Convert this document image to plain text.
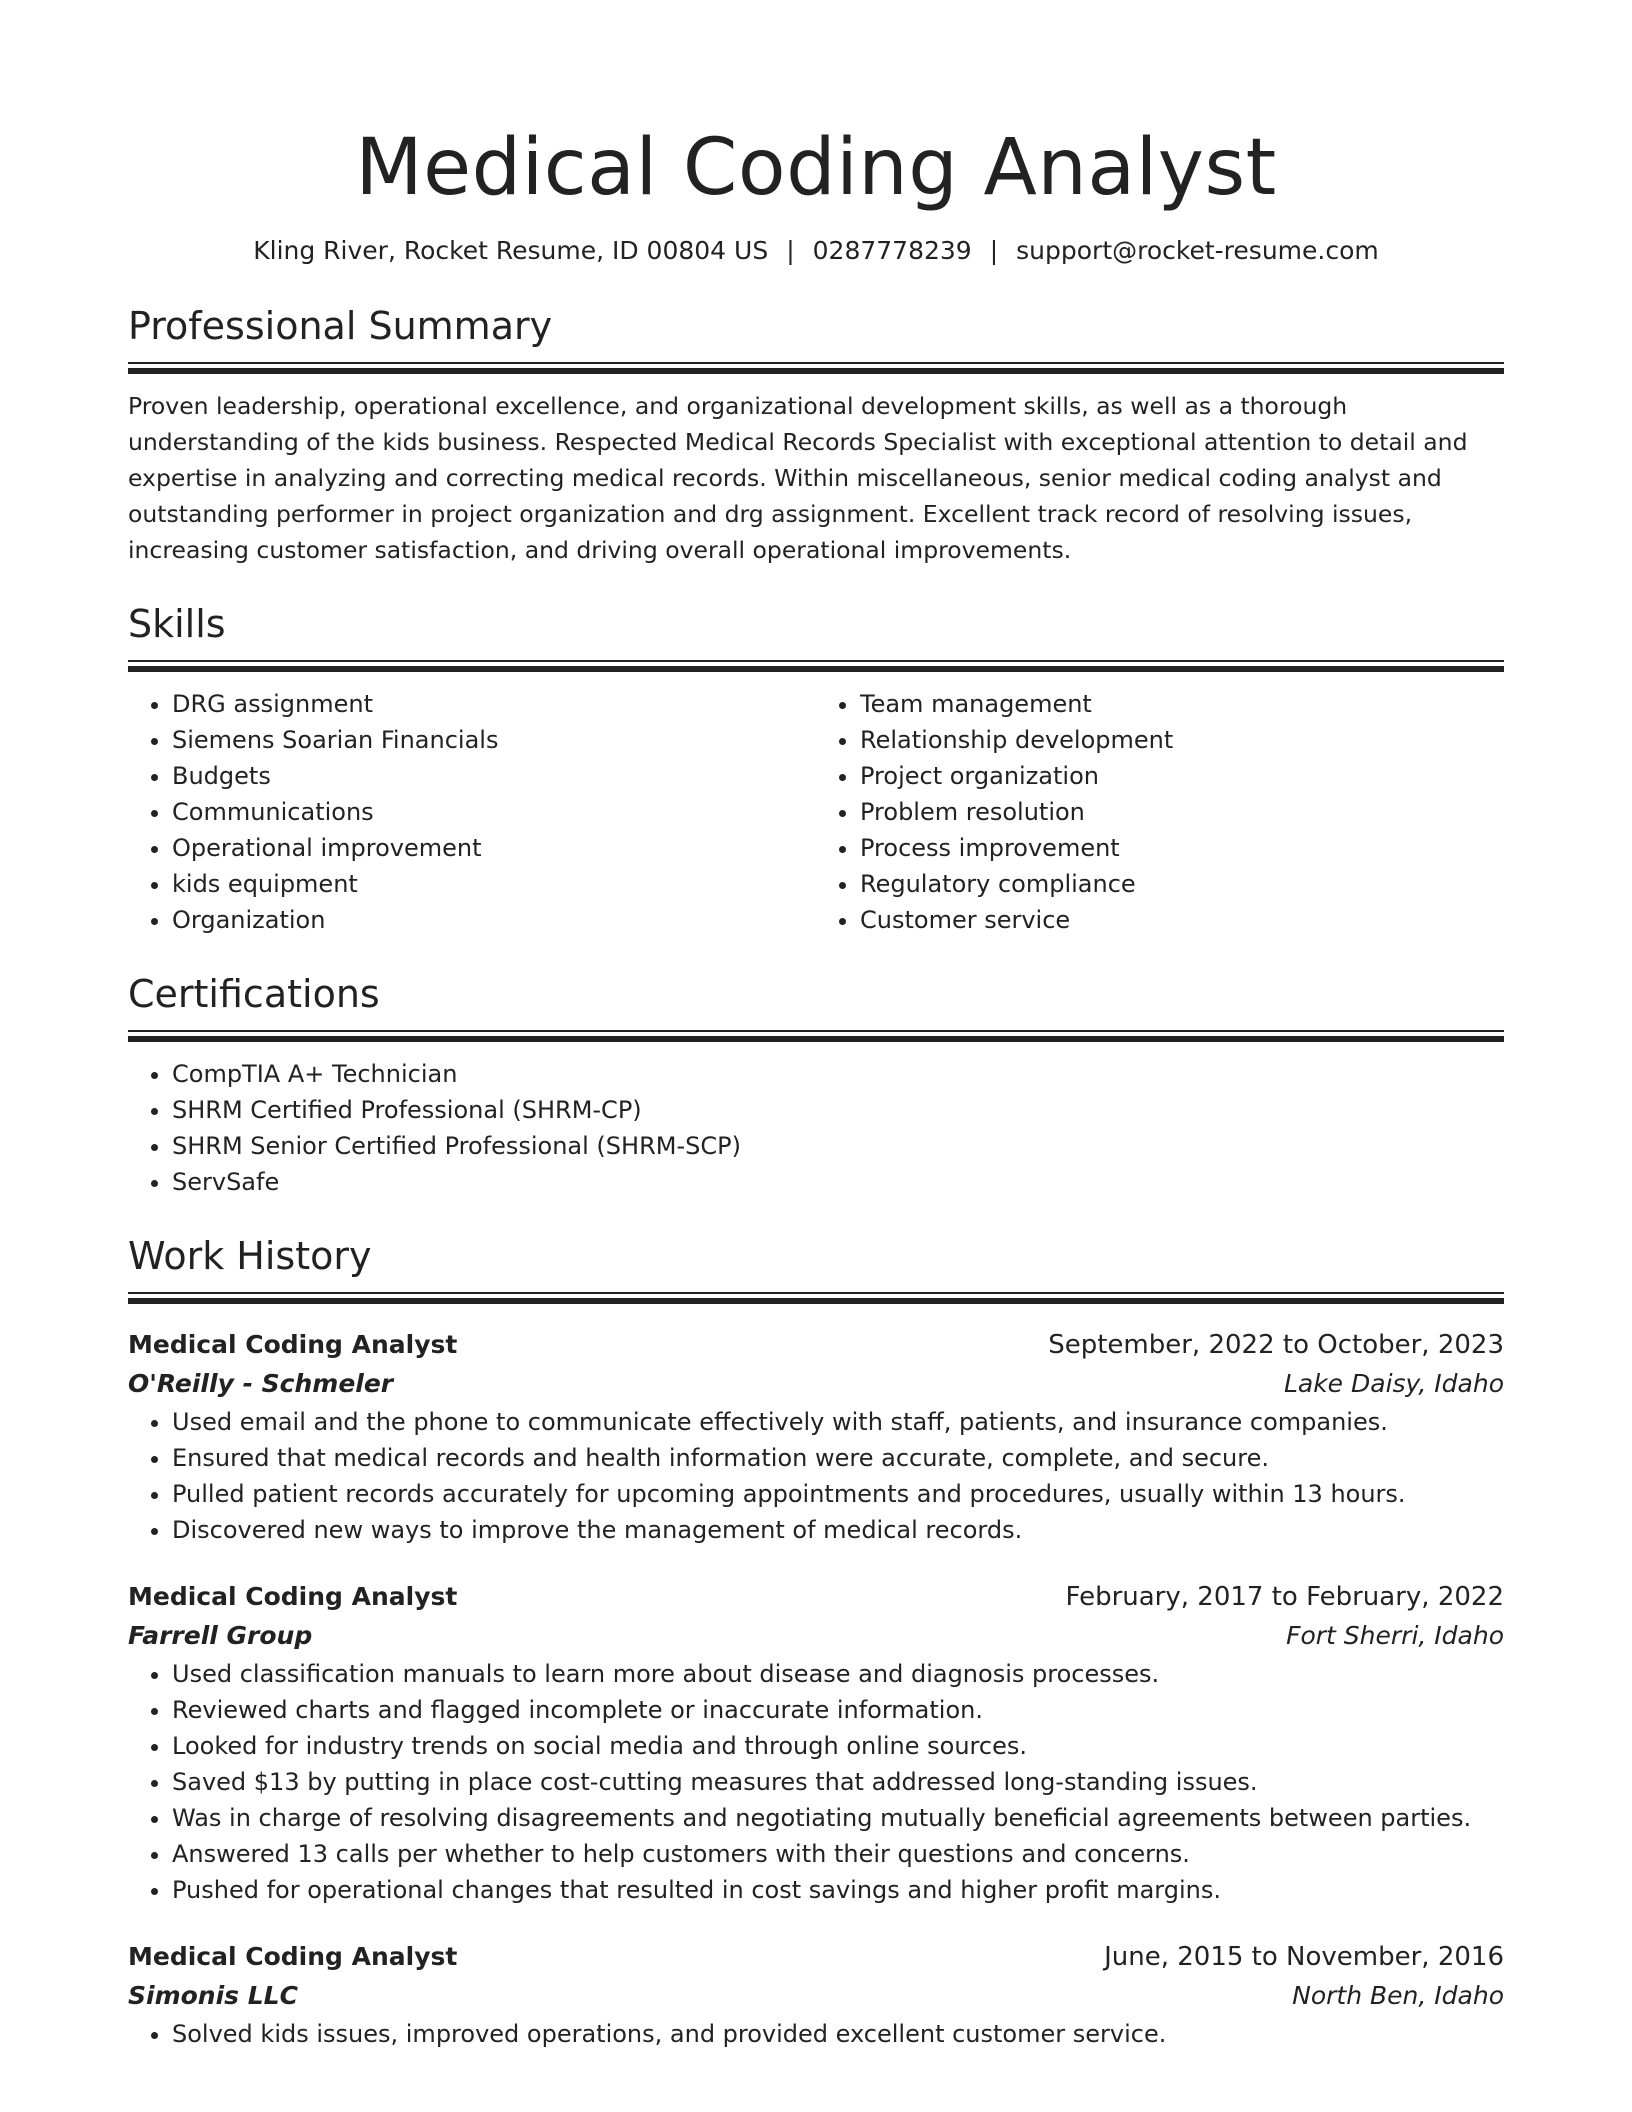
Medical Coding Analyst
Kling River, Rocket Resume, ID 00804 US | 0287778239 | support@rocket-resume.com
Professional Summary

Proven leadership, operational excellence, and organizational development skills, as well as a thorough understanding of the kids business. Respected Medical Records Specialist with exceptional attention to detail and expertise in analyzing and correcting medical records. Within miscellaneous, senior medical coding analyst and outstanding performer in project organization and drg assignment. Excellent track record of resolving issues, increasing customer satisfaction, and driving overall operational improvements.

Skills
• DRG assignment
• Siemens Soarian Financials
• Budgets
• Communications
• Operational improvement
• kids equipment
• Organization
• Team management
• Relationship development
• Project organization
• Problem resolution
• Process improvement
• Regulatory compliance
• Customer service
Certifications
• CompTIA A+ Technician
• SHRM Certified Professional (SHRM-CP)
• SHRM Senior Certified Professional (SHRM-SCP)
• ServSafe
Work History
Medical Coding Analyst	September, 2022 to October, 2023
O'Reilly - Schmeler	Lake Daisy, Idaho
• Used email and the phone to communicate effectively with staff, patients, and insurance companies.
• Ensured that medical records and health information were accurate, complete, and secure.
• Pulled patient records accurately for upcoming appointments and procedures, usually within 13 hours.
• Discovered new ways to improve the management of medical records.
Medical Coding Analyst	February, 2017 to February, 2022
Farrell Group	Fort Sherri, Idaho
• Used classification manuals to learn more about disease and diagnosis processes.
• Reviewed charts and flagged incomplete or inaccurate information.
• Looked for industry trends on social media and through online sources.
• Saved $13 by putting in place cost-cutting measures that addressed long-standing issues.
• Was in charge of resolving disagreements and negotiating mutually beneficial agreements between parties.
• Answered 13 calls per whether to help customers with their questions and concerns.
• Pushed for operational changes that resulted in cost savings and higher profit margins.
Medical Coding Analyst	June, 2015 to November, 2016
Simonis LLC	North Ben, Idaho
• Solved kids issues, improved operations, and provided excellent customer service.
